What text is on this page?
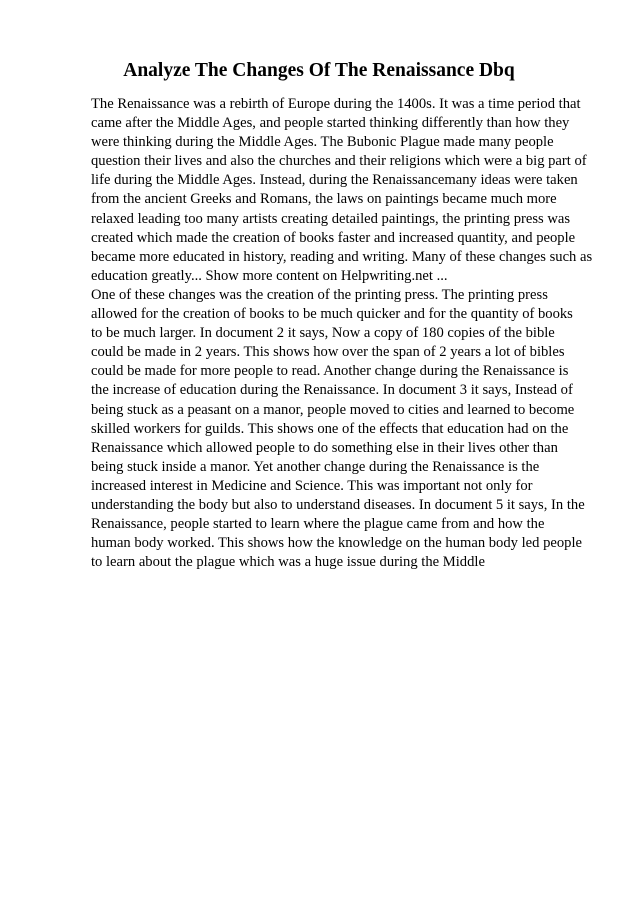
Analyze The Changes Of The Renaissance Dbq
The Renaissance was a rebirth of Europe during the 1400s. It was a time period that
came after the Middle Ages, and people started thinking differently than how they
were thinking during the Middle Ages. The Bubonic Plague made many people
question their lives and also the churches and their religions which were a big part of
life during the Middle Ages. Instead, during the Renaissancemany ideas were taken
from the ancient Greeks and Romans, the laws on paintings became much more
relaxed leading too many artists creating detailed paintings, the printing press was
created which made the creation of books faster and increased quantity, and people
became more educated in history, reading and writing. Many of these changes such as
education greatly... Show more content on Helpwriting.net ...
One of these changes was the creation of the printing press. The printing press
allowed for the creation of books to be much quicker and for the quantity of books
to be much larger. In document 2 it says, Now a copy of 180 copies of the bible
could be made in 2 years. This shows how over the span of 2 years a lot of bibles
could be made for more people to read. Another change during the Renaissance is
the increase of education during the Renaissance. In document 3 it says, Instead of
being stuck as a peasant on a manor, people moved to cities and learned to become
skilled workers for guilds. This shows one of the effects that education had on the
Renaissance which allowed people to do something else in their lives other than
being stuck inside a manor. Yet another change during the Renaissance is the
increased interest in Medicine and Science. This was important not only for
understanding the body but also to understand diseases. In document 5 it says, In the
Renaissance, people started to learn where the plague came from and how the
human body worked. This shows how the knowledge on the human body led people
to learn about the plague which was a huge issue during the Middle
